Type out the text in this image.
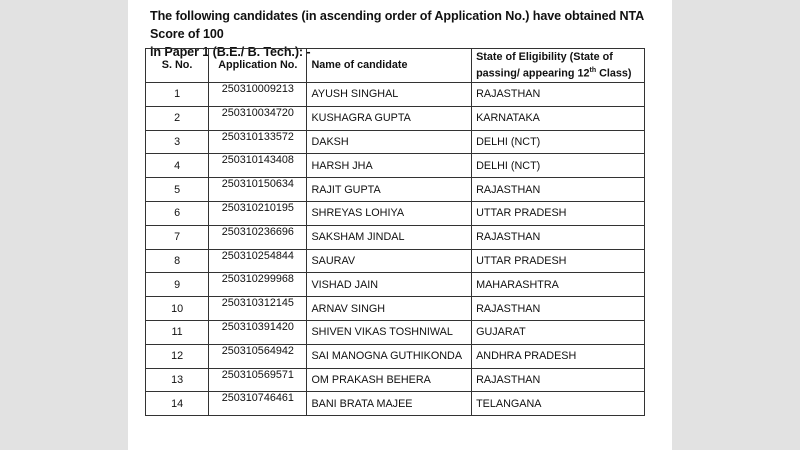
The following candidates (in ascending order of Application No.) have obtained NTA Score of 100
in Paper 1 (B.E./ B. Tech.): -
S. No.	Application No.	Name of candidate	State of Eligibility (State of
passing/ appearing 12th Class)
1	250310009213	AYUSH SINGHAL	RAJASTHAN
2	250310034720	KUSHAGRA GUPTA	KARNATAKA
3	250310133572	DAKSH	DELHI (NCT)
4	250310143408	HARSH JHA	DELHI (NCT)
5	250310150634	RAJIT GUPTA	RAJASTHAN
6	250310210195	SHREYAS LOHIYA	UTTAR PRADESH
7	250310236696	SAKSHAM JINDAL	RAJASTHAN
8	250310254844	SAURAV	UTTAR PRADESH
9	250310299968	VISHAD JAIN	MAHARASHTRA
10	250310312145	ARNAV SINGH	RAJASTHAN
11	250310391420	SHIVEN VIKAS TOSHNIWAL	GUJARAT
12	250310564942	SAI MANOGNA GUTHIKONDA	ANDHRA PRADESH
13	250310569571	OM PRAKASH BEHERA	RAJASTHAN
14	250310746461	BANI BRATA MAJEE	TELANGANA
